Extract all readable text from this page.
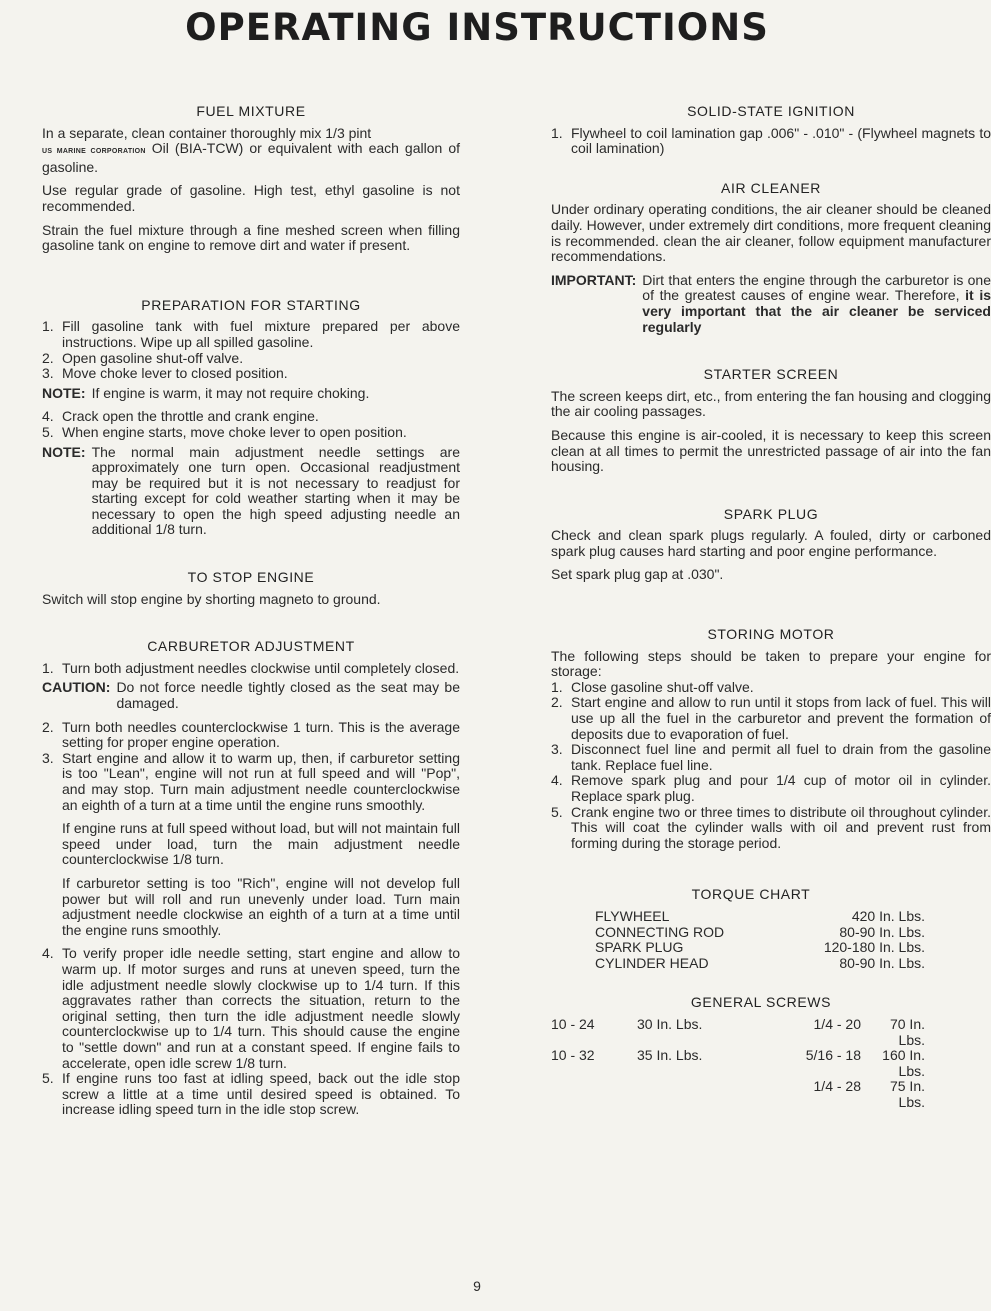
OPERATING INSTRUCTIONS
FUEL MIXTURE
In a separate, clean container thoroughly mix 1/3 pint
US MARINE CORPORATION Oil (BIA-TCW) or equivalent with each gallon of gasoline.
Use regular grade of gasoline. High test, ethyl gasoline is not recommended.
Strain the fuel mixture through a fine meshed screen when filling gasoline tank on engine to remove dirt and water if present.
PREPARATION FOR STARTING
1. Fill gasoline tank with fuel mixture prepared per above instructions. Wipe up all spilled gasoline.
2. Open gasoline shut-off valve.
3. Move choke lever to closed position.
NOTE: If engine is warm, it may not require choking.
4. Crack open the throttle and crank engine.
5. When engine starts, move choke lever to open position.
NOTE: The normal main adjustment needle settings are approximately one turn open. Occasional readjustment may be required but it is not necessary to readjust for starting except for cold weather starting when it may be necessary to open the high speed adjusting needle an additional 1/8 turn.
TO STOP ENGINE
Switch will stop engine by shorting magneto to ground.
CARBURETOR ADJUSTMENT
1. Turn both adjustment needles clockwise until completely closed.
CAUTION: Do not force needle tightly closed as the seat may be damaged.
2. Turn both needles counterclockwise 1 turn. This is the average setting for proper engine operation.
3. Start engine and allow it to warm up, then, if carburetor setting is too "Lean", engine will not run at full speed and will "Pop", and may stop. Turn main adjustment needle counterclockwise an eighth of a turn at a time until the engine runs smoothly.
If engine runs at full speed without load, but will not maintain full speed under load, turn the main adjustment needle counterclockwise 1/8 turn.
If carburetor setting is too "Rich", engine will not develop full power but will roll and run unevenly under load. Turn main adjustment needle clockwise an eighth of a turn at a time until the engine runs smoothly.
4. To verify proper idle needle setting, start engine and allow to warm up. If motor surges and runs at uneven speed, turn the idle adjustment needle slowly clockwise up to 1/4 turn. If this aggravates rather than corrects the situation, return to the original setting, then turn the idle adjustment needle slowly counterclockwise up to 1/4 turn. This should cause the engine to "settle down" and run at a constant speed. If engine fails to accelerate, open idle screw 1/8 turn.
5. If engine runs too fast at idling speed, back out the idle stop screw a little at a time until desired speed is obtained. To increase idling speed turn in the idle stop screw.
SOLID-STATE IGNITION
1. Flywheel to coil lamination gap .006" - .010" - (Flywheel magnets to coil lamination)
AIR CLEANER
Under ordinary operating conditions, the air cleaner should be cleaned daily. However, under extremely dirt conditions, more frequent cleaning is recommended. clean the air cleaner, follow equipment manufacturer recommendations.
IMPORTANT: Dirt that enters the engine through the carburetor is one of the greatest causes of engine wear. Therefore, it is very important that the air cleaner be serviced regularly
STARTER SCREEN
The screen keeps dirt, etc., from entering the fan housing and clogging the air cooling passages.
Because this engine is air-cooled, it is necessary to keep this screen clean at all times to permit the unrestricted passage of air into the fan housing.
SPARK PLUG
Check and clean spark plugs regularly. A fouled, dirty or carboned spark plug causes hard starting and poor engine performance.
Set spark plug gap at .030".
STORING MOTOR
The following steps should be taken to prepare your engine for storage:
1. Close gasoline shut-off valve.
2. Start engine and allow to run until it stops from lack of fuel. This will use up all the fuel in the carburetor and prevent the formation of deposits due to evaporation of fuel.
3. Disconnect fuel line and permit all fuel to drain from the gasoline tank. Replace fuel line.
4. Remove spark plug and pour 1/4 cup of motor oil in cylinder. Replace spark plug.
5. Crank engine two or three times to distribute oil throughout cylinder. This will coat the cylinder walls with oil and prevent rust from forming during the storage period.
TORQUE CHART
FLYWHEEL	420 In. Lbs.
CONNECTING ROD	80-90 In. Lbs.
SPARK PLUG	120-180 In. Lbs.
CYLINDER HEAD	80-90 In. Lbs.
GENERAL SCREWS
10 - 24	30 In. Lbs.	1/4 - 20	70 In. Lbs.
10 - 32	35 In. Lbs.	5/16 - 18	160 In. Lbs.
1/4 - 28	75 In. Lbs.
9
